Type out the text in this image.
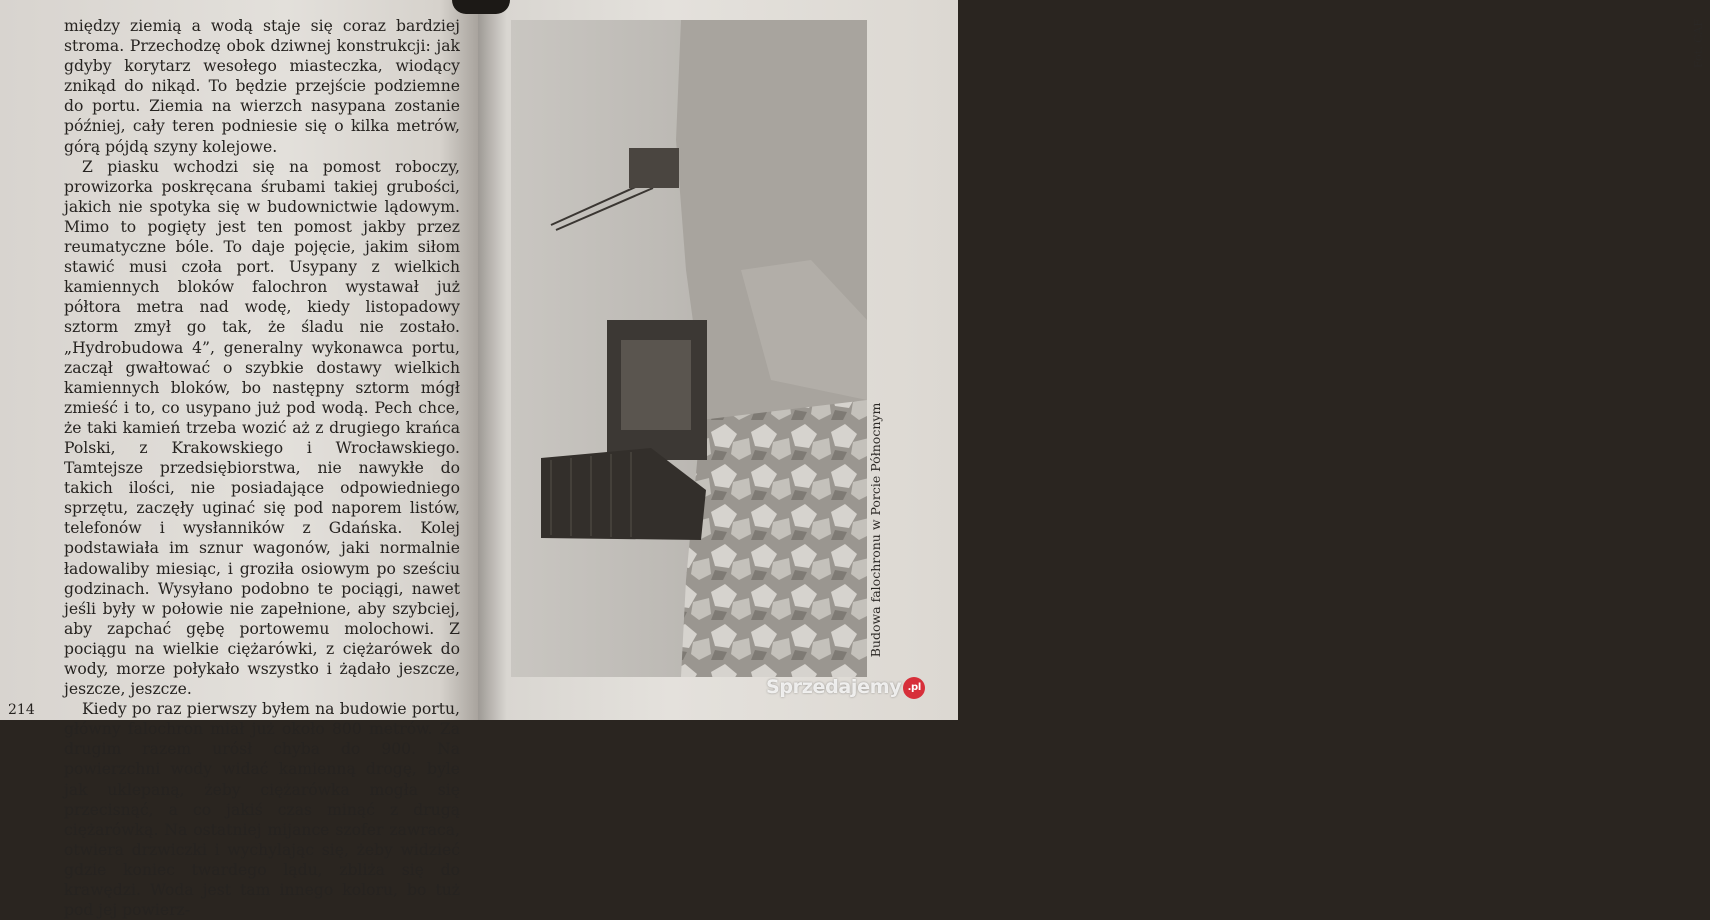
między ziemią a wodą staje się coraz bardziej stroma. Przechodzę obok dziwnej konstrukcji: jak gdyby korytarz wesołego miasteczka, wiodący znikąd do nikąd. To będzie przejście podziemne do portu. Ziemia na wierzch nasypana zostanie później, cały teren podniesie się o kilka metrów, górą pójdą szyny kolejowe.

Z piasku wchodzi się na pomost roboczy, prowizorka poskręcana śrubami takiej grubości, jakich nie spotyka się w budownictwie lądowym. Mimo to pogięty jest ten pomost jakby przez reumatyczne bóle. To daje pojęcie, jakim siłom stawić musi czoła port. Usypany z wielkich kamiennych bloków falochron wystawał już półtora metra nad wodę, kiedy listopadowy sztorm zmył go tak, że śladu nie zostało. „Hydrobudowa 4”, generalny wykonawca portu, zaczął gwałtować o szybkie dostawy wielkich kamiennych bloków, bo następny sztorm mógł zmieść i to, co usypano już pod wodą. Pech chce, że taki kamień trzeba wozić aż z drugiego krańca Polski, z Krakowskiego i Wrocławskiego. Tamtejsze przedsiębiorstwa, nie nawykłe do takich ilości, nie posiadające odpowiedniego sprzętu, zaczęły uginać się pod naporem listów, telefonów i wysłanników z Gdańska. Kolej podstawiała im sznur wagonów, jaki normalnie ładowaliby miesiąc, i groziła osiowym po sześciu godzinach. Wysyłano podobno te pociągi, nawet jeśli były w połowie nie zapełnione, aby szybciej, aby zapchać gębę portowemu molochowi. Z pociągu na wielkie ciężarówki, z ciężarówek do wody, morze połykało wszystko i żądało jeszcze, jeszcze, jeszcze.

Kiedy po raz pierwszy byłem na budowie portu, główny falochron miał już około 800 metrów. Za drugim razem urósł chyba do 900. Na powierzchni wody widać kamienną drogę, byle jak uklepaną, żeby ciężarówka mogła się przecisnąć, a co jakiś czas minąć z drugą ciężarówką. Na ostatniej mijance szofer zawraca, otwiera drzwiczki i wychylając się, żeby widzieć gdzie koniec twardego lądu, zbliża się do krawędzi. Woda jest tam innego koloru, bo tuż pod jej powierz-

214
Budowa falochronu w Porcie Północnym
Fot. CAF
Sprzedajemy .pl
